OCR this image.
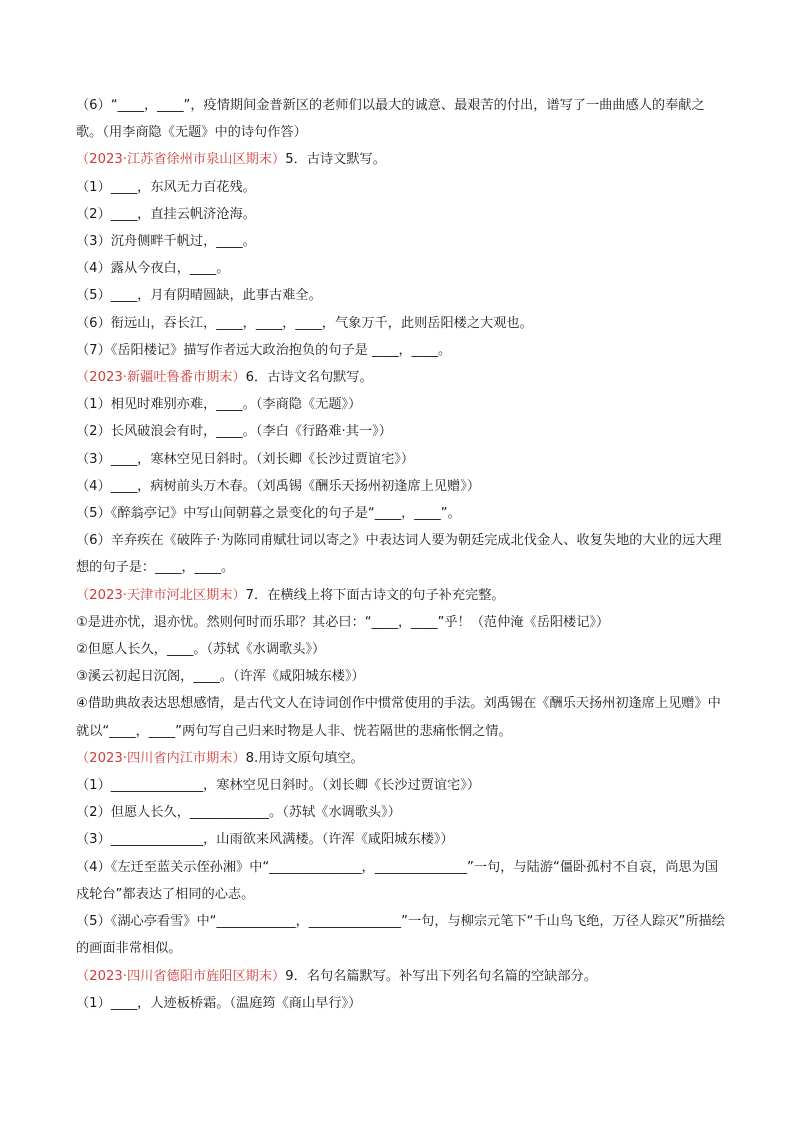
（6）“____，____”，疫情期间金普新区的老师们以最大的诚意、最艰苦的付出，谱写了一曲曲感人的奉献之歌。（用李商隐《无题》中的诗句作答）
（2023·江苏省徐州市泉山区期末）5．古诗文默写。
（1）____，东风无力百花残。
（2）____，直挂云帆济沧海。
（3）沉舟侧畔千帆过，____。
（4）露从今夜白，____。
（5）____，月有阴晴圆缺，此事古难全。
（6）衔远山，吞长江，____，____，____，气象万千，此则岳阳楼之大观也。
（7）《岳阳楼记》描写作者远大政治抱负的句子是 ____，____。
（2023·新疆吐鲁番市期末）6．古诗文名句默写。
（1）相见时难别亦难，____。（李商隐《无题》）
（2）长风破浪会有时，____。（李白《行路难·其一》）
（3）____，寒林空见日斜时。（刘长卿《长沙过贾谊宅》）
（4）____，病树前头万木春。（刘禹锡《酬乐天扬州初逢席上见赠》）
（5）《醉翁亭记》中写山间朝暮之景变化的句子是“____，____”。
（6）辛弃疾在《破阵子·为陈同甫赋壮词以寄之》中表达词人要为朝廷完成北伐金人、收复失地的大业的远大理想的句子是：____，____。
（2023·天津市河北区期末）7．在横线上将下面古诗文的句子补充完整。
①是进亦忧，退亦忧。然则何时而乐耶？其必曰：“____，____”乎！（范仲淹《岳阳楼记》）
②但愿人长久，____。（苏轼《水调歌头》）
③溪云初起日沉阁，____。（许浑《咸阳城东楼》）
④借助典故表达思想感情，是古代文人在诗词创作中惯常使用的手法。刘禹锡在《酬乐天扬州初逢席上见赠》中就以“____，____”两句写自己归来时物是人非、恍若隔世的悲痛怅惘之情。
（2023·四川省内江市期末）8.用诗文原句填空。
（1）______________，寒林空见日斜时。（刘长卿《长沙过贾谊宅》）
（2）但愿人长久，____________。（苏轼《水调歌头》）
（3）______________，山雨欲来风满楼。（许浑《咸阳城东楼》）
（4）《左迁至蓝关示侄孙湘》中“______________，______________”一句，与陆游“僵卧孤村不自哀，尚思为国戍轮台”都表达了相同的心志。
（5）《湖心亭看雪》中“____________，______________”一句，与柳宗元笔下“千山鸟飞绝，万径人踪灭”所描绘的画面非常相似。
（2023·四川省德阳市旌阳区期末）9．名句名篇默写。补写出下列名句名篇的空缺部分。
（1）____，人迹板桥霜。（温庭筠《商山早行》）
